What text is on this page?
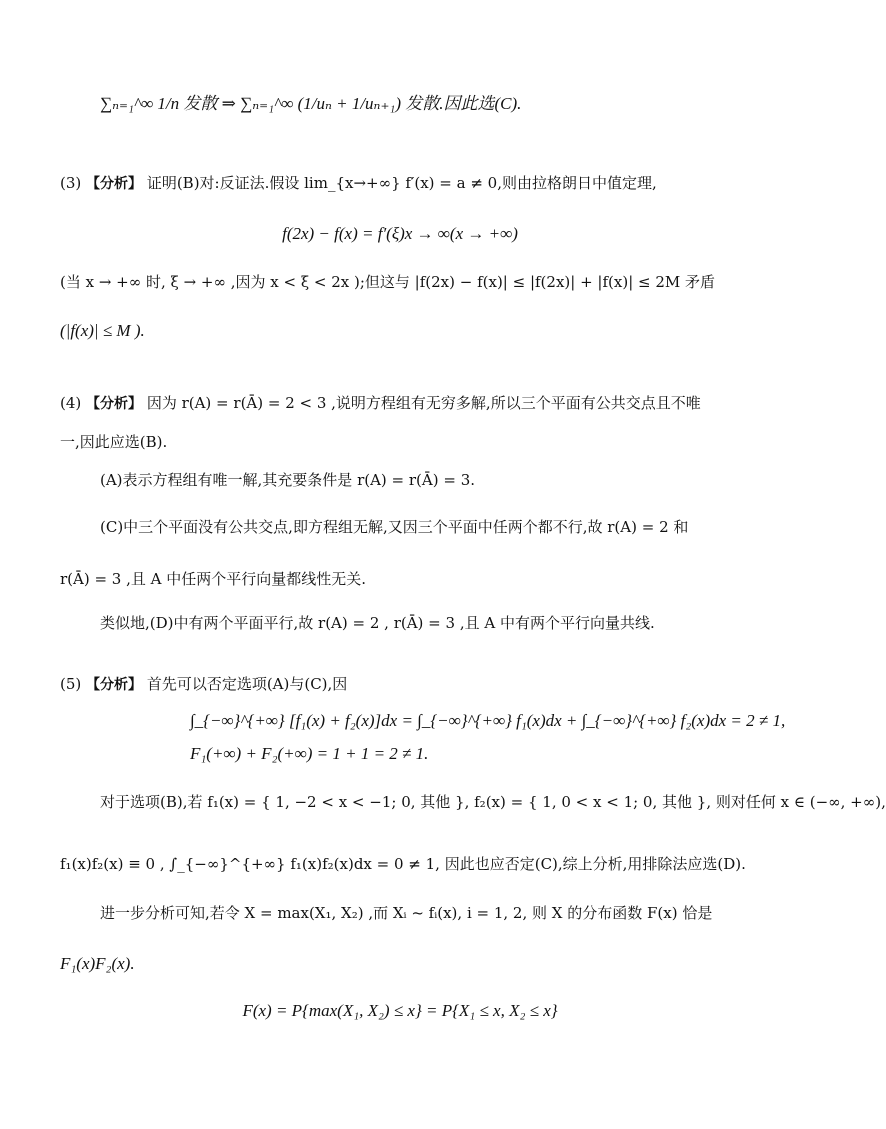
∑ₙ₌₁^∞ 1/n 发散 ⇒ ∑ₙ₌₁^∞ (1/uₙ + 1/uₙ₊₁) 发散.因此选(C).
(3) 【分析】 证明(B)对:反证法.假设 lim_{x→+∞} f′(x) = a ≠ 0,则由拉格朗日中值定理,
f(2x) − f(x) = f′(ξ)x → ∞(x → +∞)
(当 x → +∞ 时, ξ → +∞ ,因为 x < ξ < 2x );但这与 |f(2x) − f(x)| ≤ |f(2x)| + |f(x)| ≤ 2M 矛盾
(|f(x)| ≤ M ).
(4) 【分析】 因为 r(A) = r(Ā) = 2 < 3 ,说明方程组有无穷多解,所以三个平面有公共交点且不唯
一,因此应选(B).
(A)表示方程组有唯一解,其充要条件是 r(A) = r(Ā) = 3.
(C)中三个平面没有公共交点,即方程组无解,又因三个平面中任两个都不行,故 r(A) = 2 和
r(Ā) = 3 ,且 A 中任两个平行向量都线性无关.
类似地,(D)中有两个平面平行,故 r(A) = 2 , r(Ā) = 3 ,且 A 中有两个平行向量共线.
(5) 【分析】 首先可以否定选项(A)与(C),因
∫_{−∞}^{+∞} [f₁(x) + f₂(x)]dx = ∫_{−∞}^{+∞} f₁(x)dx + ∫_{−∞}^{+∞} f₂(x)dx = 2 ≠ 1,
F₁(+∞) + F₂(+∞) = 1 + 1 = 2 ≠ 1.
对于选项(B),若 f₁(x) = { 1, −2 < x < −1; 0, 其他 }, f₂(x) = { 1, 0 < x < 1; 0, 其他 }, 则对任何 x ∈ (−∞, +∞),
f₁(x)f₂(x) ≡ 0 , ∫_{−∞}^{+∞} f₁(x)f₂(x)dx = 0 ≠ 1, 因此也应否定(C),综上分析,用排除法应选(D).
进一步分析可知,若令 X = max(X₁, X₂) ,而 Xᵢ ~ fᵢ(x), i = 1, 2, 则 X 的分布函数 F(x) 恰是
F₁(x)F₂(x).
F(x) = P{max(X₁, X₂) ≤ x} = P{X₁ ≤ x, X₂ ≤ x}
